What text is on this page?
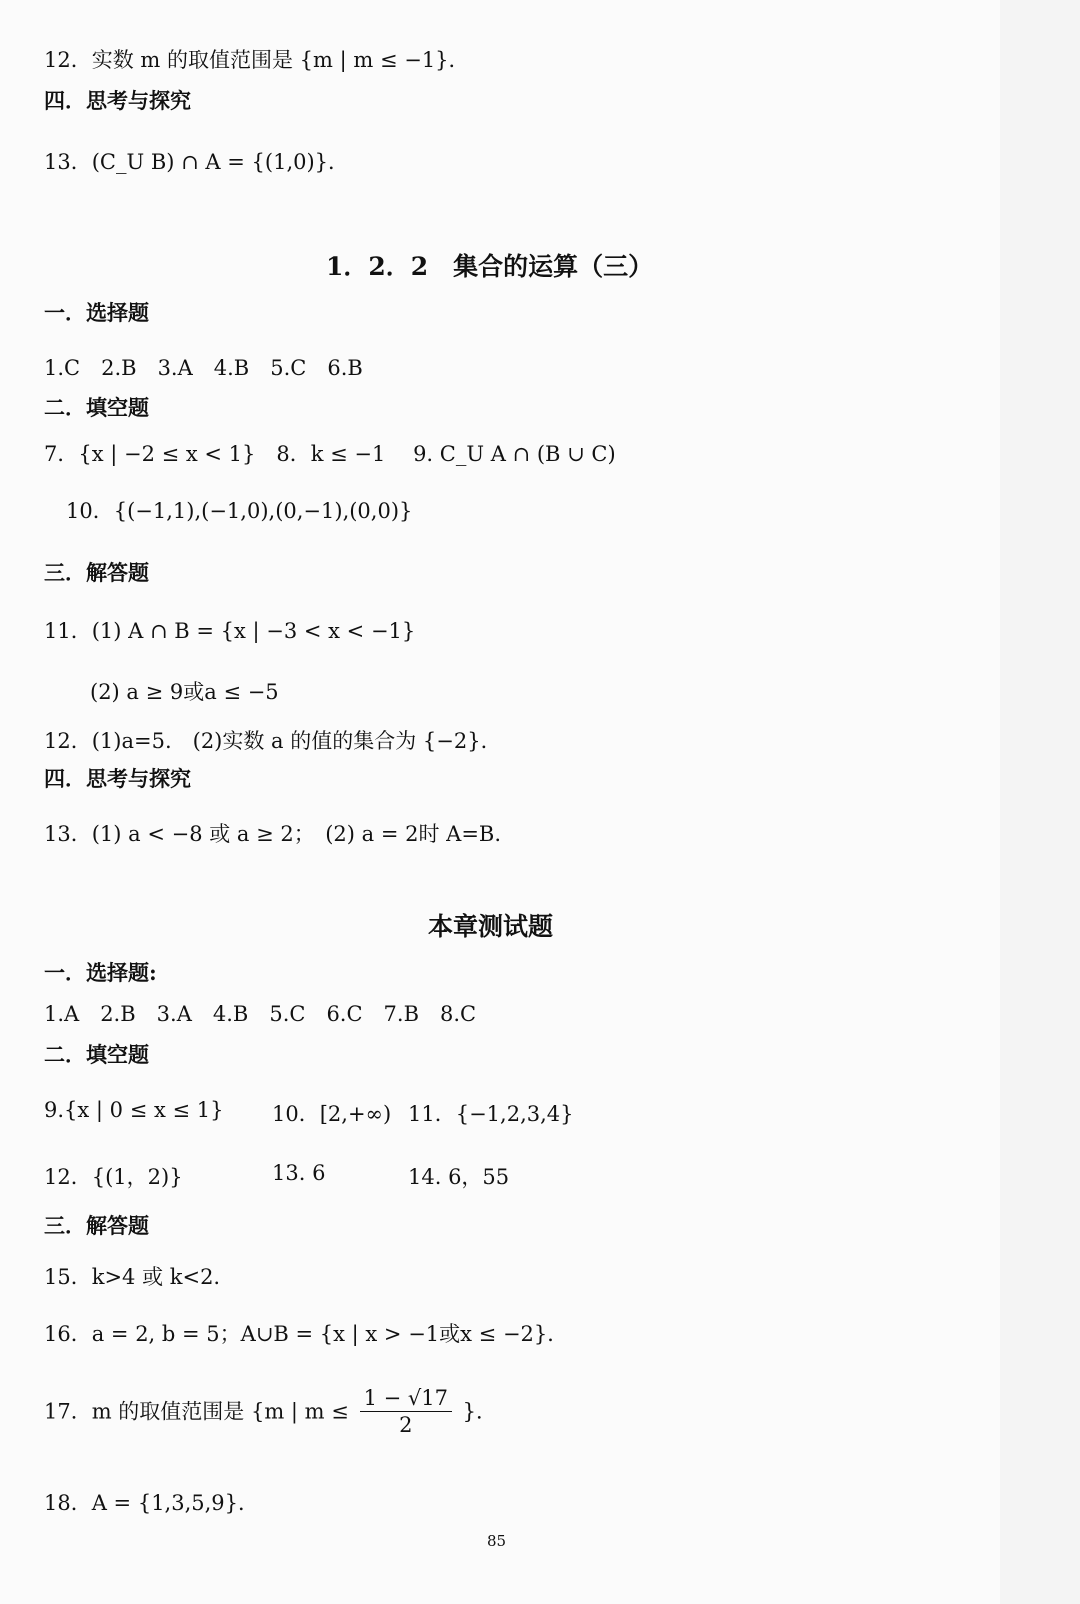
12．实数 m 的取值范围是 {m | m ≤ −1}．
四．思考与探究
13．(C_U B) ∩ A = {(1,0)}．
1．2．2　集合的运算（三）
一．选择题
1.C　2.B　3.A　4.B　5.C　6.B
二．填空题
7．{x | −2 ≤ x < 1}　8．k ≤ −1　 9. C_U A ∩ (B ∪ C)
10．{(−1,1),(−1,0),(0,−1),(0,0)}
三．解答题
11．(1) A ∩ B = {x | −3 < x < −1}
(2) a ≥ 9或a ≤ −5
12．(1)a=5.　(2)实数 a 的值的集合为 {−2}．
四．思考与探究
13．(1) a < −8 或 a ≥ 2；　(2) a = 2时 A=B.
本章测试题
一．选择题:
1.A　2.B　3.A　4.B　5.C　6.C　7.B　8.C
二．填空题
9.{x | 0 ≤ x ≤ 1} 10．[2,+∞) 11．{−1,2,3,4}
12．{(1，2)}	13. 6	14. 6，55
三．解答题
15．k>4 或 k<2.
16．a = 2, b = 5；A∪B = {x | x > −1或x ≤ −2}．
17．m 的取值范围是 {m | $m \le \frac{1 - √17}{2}$ }．
18．A = {1,3,5,9}．
85
